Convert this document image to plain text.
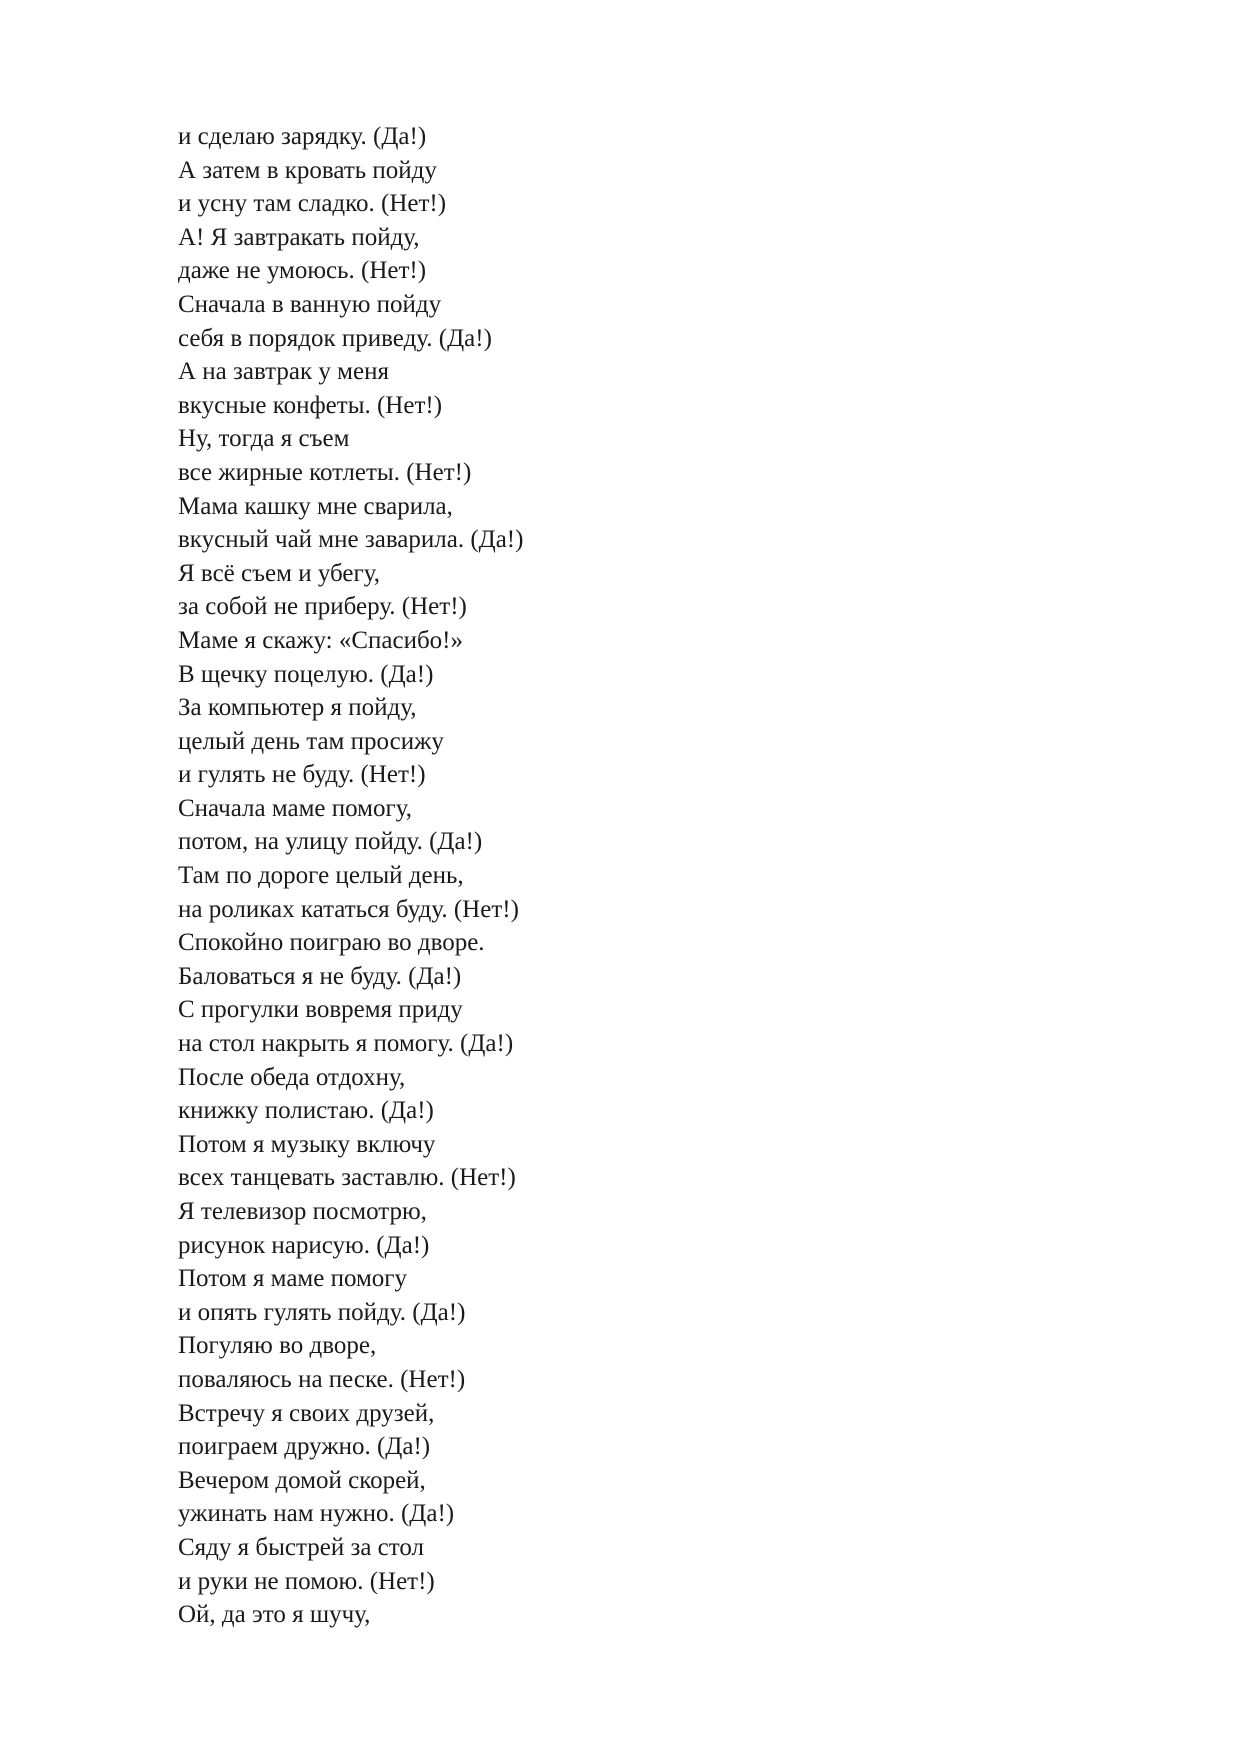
и сделаю зарядку. (Да!)
А затем в кровать пойду
и усну там сладко. (Нет!)
А! Я завтракать пойду,
даже не умоюсь. (Нет!)
Сначала в ванную пойду
себя в порядок приведу. (Да!)
А на завтрак у меня
вкусные конфеты. (Нет!)
Ну, тогда я съем
все жирные котлеты. (Нет!)
Мама кашку мне сварила,
вкусный чай мне заварила. (Да!)
Я всё съем и убегу,
за собой не приберу. (Нет!)
Маме я скажу: «Спасибо!»
В щечку поцелую. (Да!)
За компьютер я пойду,
целый день там просижу
и гулять не буду. (Нет!)
Сначала маме помогу,
потом, на улицу пойду. (Да!)
Там по дороге целый день,
на роликах кататься буду. (Нет!)
Спокойно поиграю во дворе.
Баловаться я не буду. (Да!)
С прогулки вовремя приду
на стол накрыть я помогу. (Да!)
После обеда отдохну,
книжку полистаю. (Да!)
Потом я музыку включу
всех танцевать заставлю. (Нет!)
Я телевизор посмотрю,
рисунок нарисую. (Да!)
Потом я маме помогу
и опять гулять пойду. (Да!)
Погуляю во дворе,
поваляюсь на песке. (Нет!)
Встречу я своих друзей,
поиграем дружно. (Да!)
Вечером домой скорей,
ужинать нам нужно. (Да!)
Сяду я быстрей за стол
и руки не помою. (Нет!)
Ой, да это я шучу,
